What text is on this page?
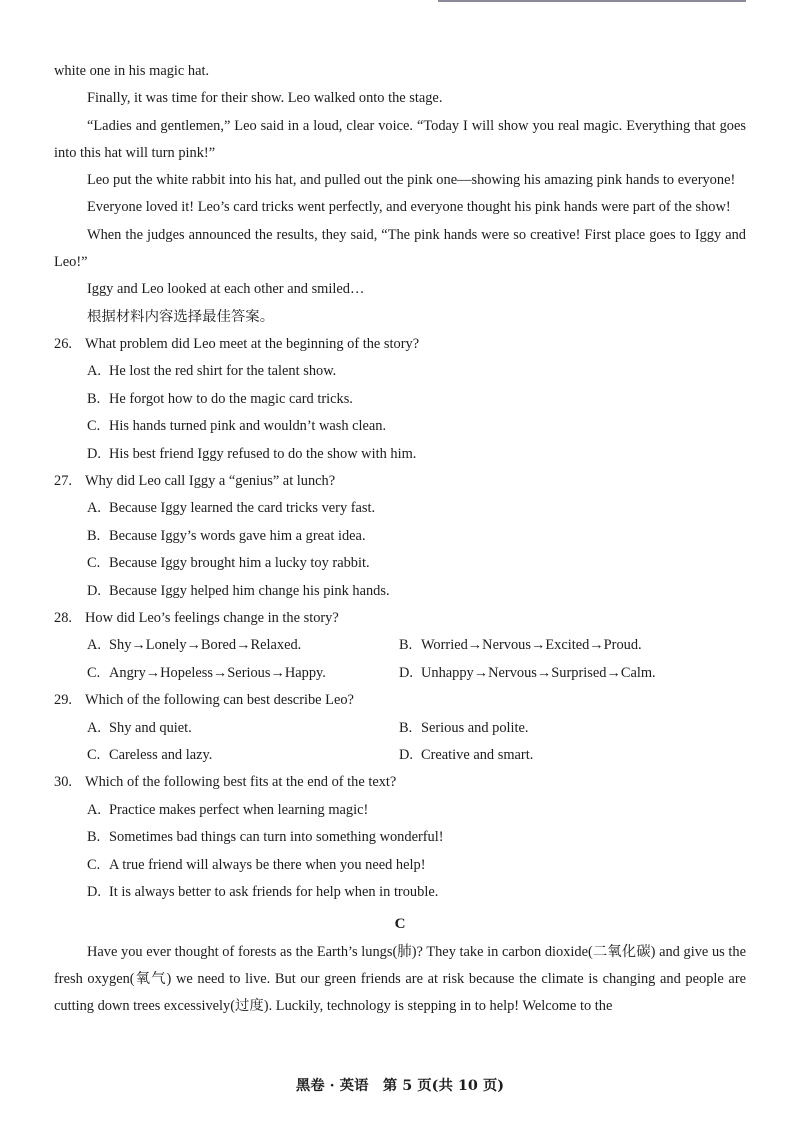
white one in his magic hat.

Finally, it was time for their show. Leo walked onto the stage.

“Ladies and gentlemen,” Leo said in a loud, clear voice. “Today I will show you real magic. Everything that goes into this hat will turn pink!”

Leo put the white rabbit into his hat, and pulled out the pink one—showing his amazing pink hands to everyone!

Everyone loved it! Leo’s card tricks went perfectly, and everyone thought his pink hands were part of the show!

When the judges announced the results, they said, “The pink hands were so creative! First place goes to Iggy and Leo!”

Iggy and Leo looked at each other and smiled…

根据材料内容选择最佳答案。

26. What problem did Leo meet at the beginning of the story?
A. He lost the red shirt for the talent show.
B. He forgot how to do the magic card tricks.
C. His hands turned pink and wouldn’t wash clean.
D. His best friend Iggy refused to do the show with him.
27. Why did Leo call Iggy a “genius” at lunch?
A. Because Iggy learned the card tricks very fast.
B. Because Iggy’s words gave him a great idea.
C. Because Iggy brought him a lucky toy rabbit.
D. Because Iggy helped him change his pink hands.
28. How did Leo’s feelings change in the story?
A. Shy→Lonely→Bored→Relaxed.	B. Worried→Nervous→Excited→Proud.
C. Angry→Hopeless→Serious→Happy.	D. Unhappy→Nervous→Surprised→Calm.
29. Which of the following can best describe Leo?
A. Shy and quiet.	B. Serious and polite.
C. Careless and lazy.	D. Creative and smart.
30. Which of the following best fits at the end of the text?
A. Practice makes perfect when learning magic!
B. Sometimes bad things can turn into something wonderful!
C. A true friend will always be there when you need help!
D. It is always better to ask friends for help when in trouble.
C

Have you ever thought of forests as the Earth’s lungs(肺)? They take in carbon dioxide(二氧化碳) and give us the fresh oxygen(氧气) we need to live. But our green friends are at risk because the climate is changing and people are cutting down trees excessively(过度). Luckily, technology is stepping in to help! Welcome to the

黑卷 · 英语　第 5 页(共 10 页)
